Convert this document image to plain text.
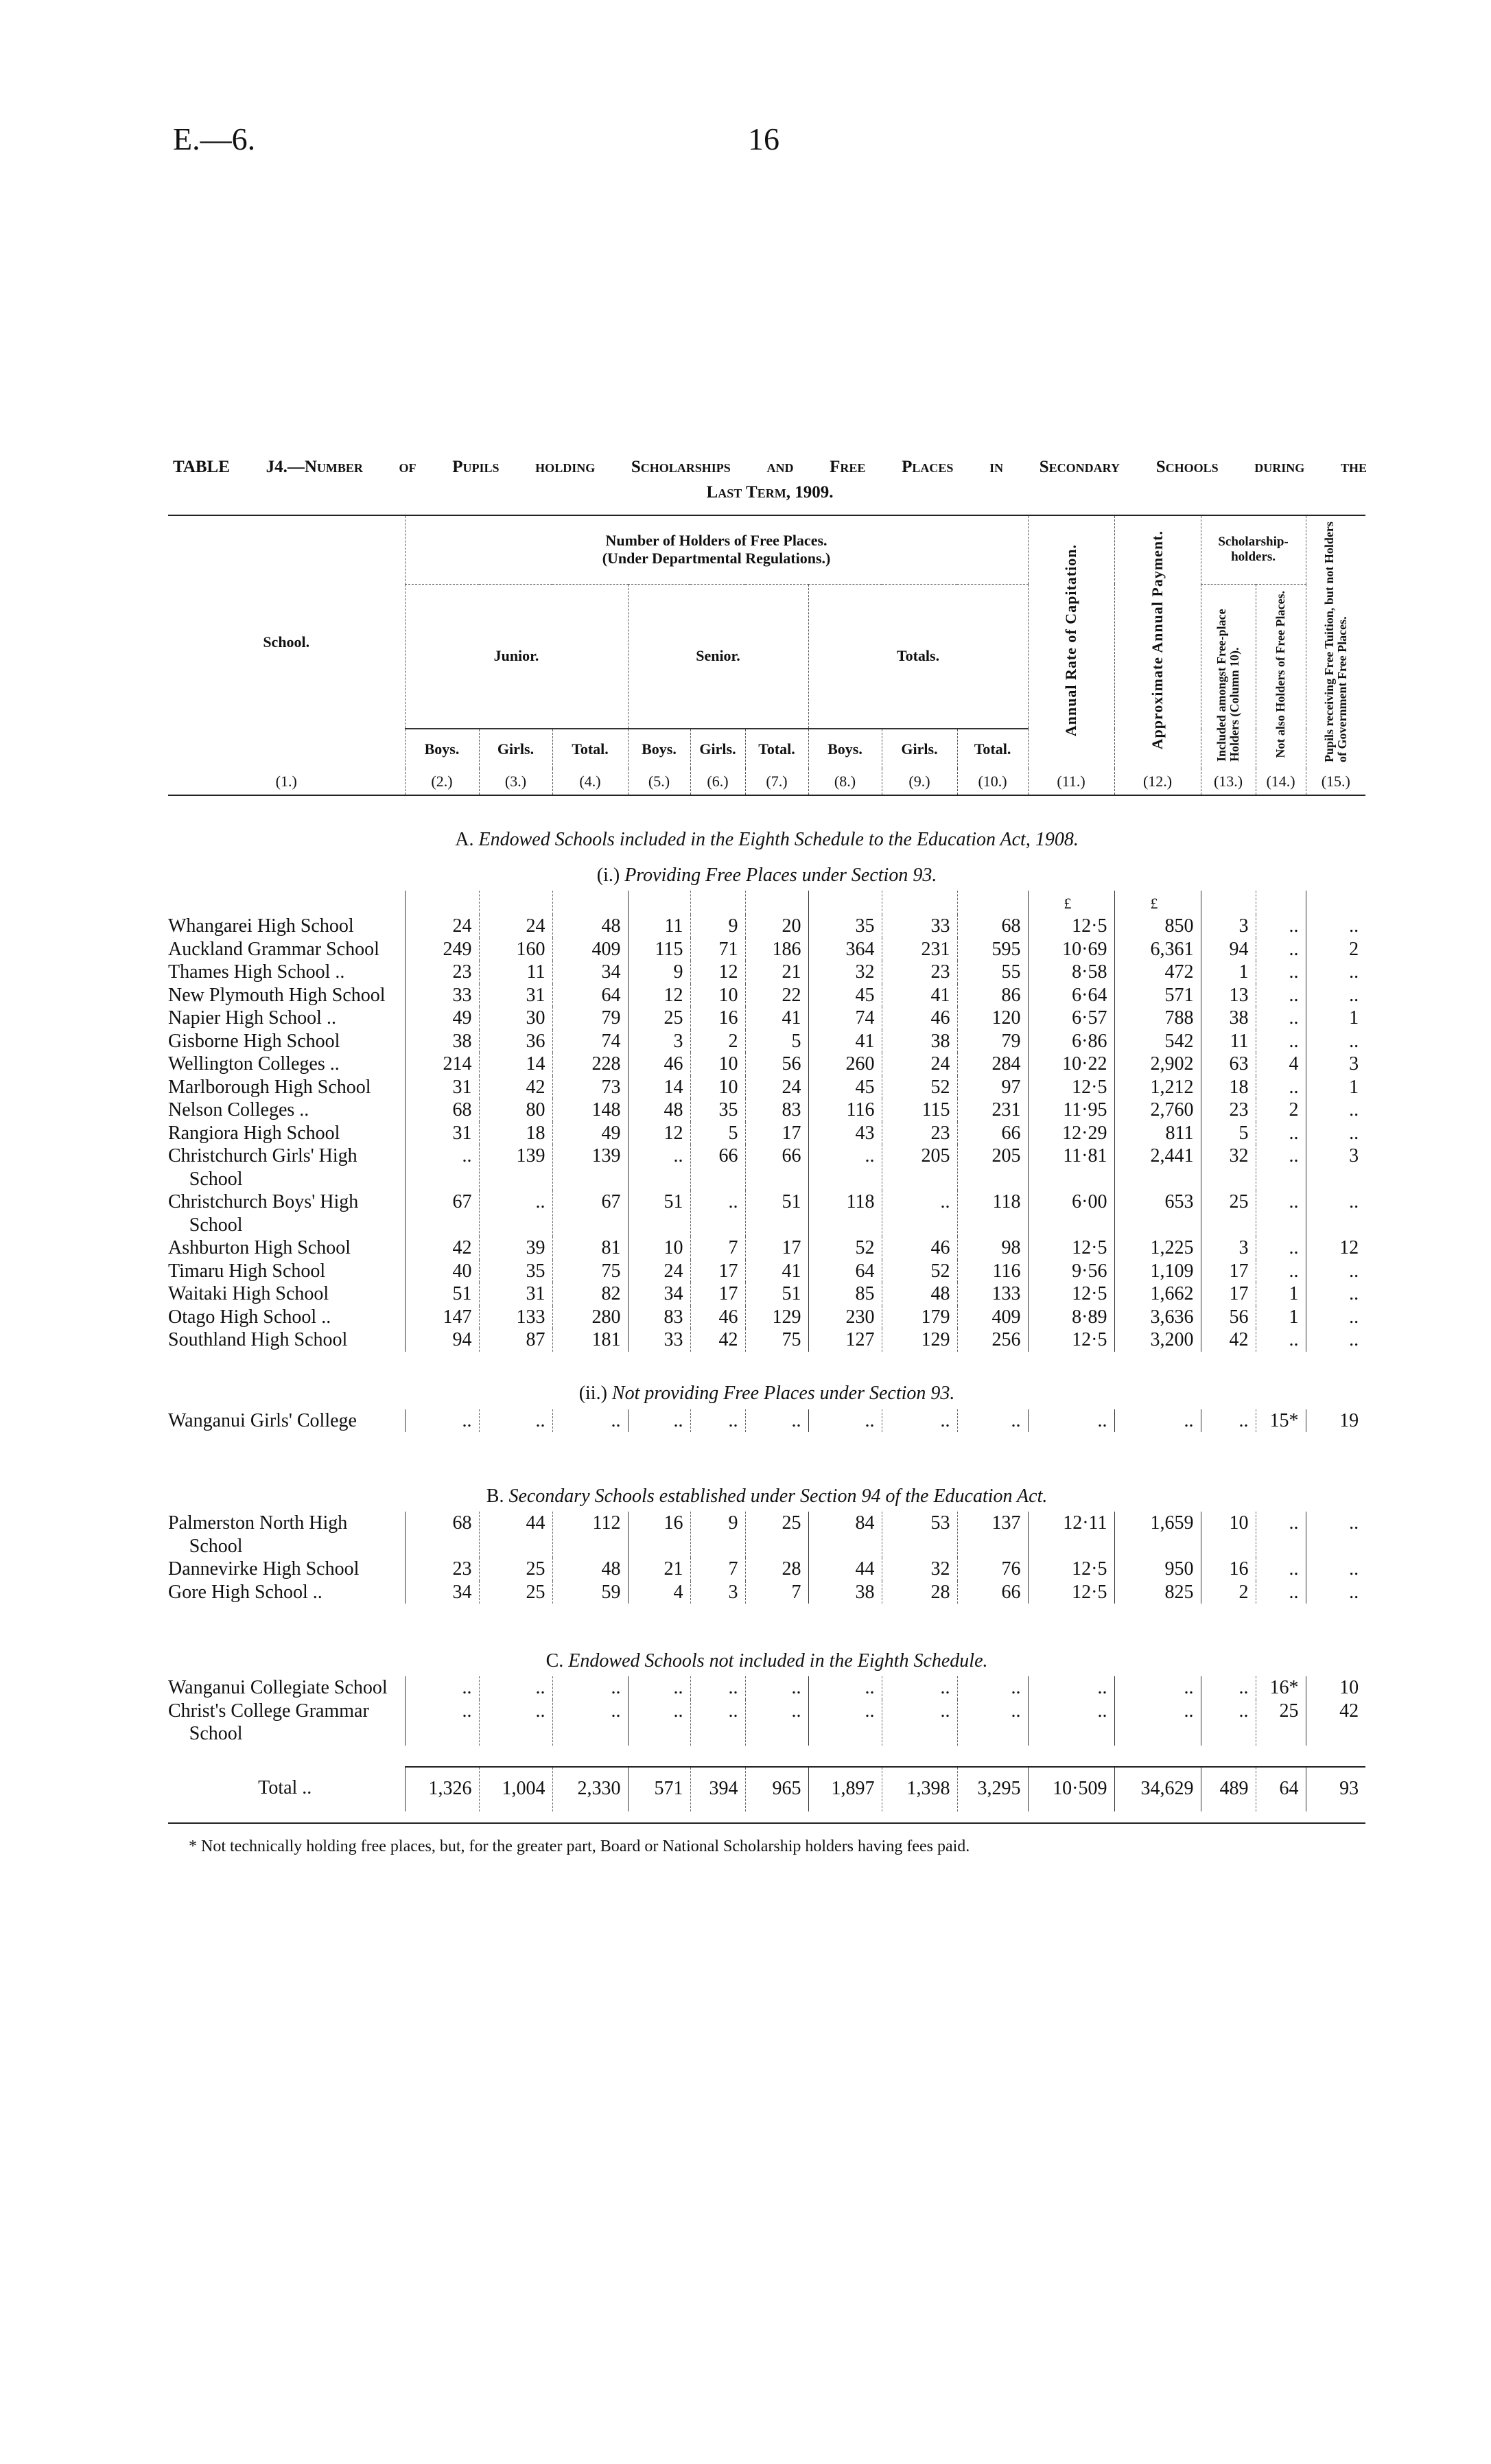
E.—6.	16
TABLE J4.—Number of Pupils holding Scholarships and Free Places in Secondary Schools during the
Last Term, 1909.
School.	Number of Holders of Free Places.
(Under Departmental Regulations.)									Annual Rate of Capitation.	Approximate Annual Payment.	Scholarship-holders.		Pupils receiving Free Tuition, but not Holders of Government Free Places.
	Junior.			Senior.			Totals.					Included amongst Free-place Holders (Column 10).	Not also Holders of Free Places.	
	Boys.	Girls.	Total.	Boys.	Girls.	Total.	Boys.	Girls.	Total.					
(1.)	(2.)	(3.)	(4.)	(5.)	(6.)	(7.)	(8.)	(9.)	(10.)	(11.)	(12.)	(13.)	(14.)	(15.)
A. Endowed Schools included in the Eighth Schedule to the Education Act, 1908.														
(i.) Providing Free Places under Section 93.														
										£	£			
Whangarei High School	24	24	48	11	9	20	35	33	68	12·5	850	3	..	..
Auckland Grammar School	249	160	409	115	71	186	364	231	595	10·69	6,361	94	..	2
Thames High School ..	23	11	34	9	12	21	32	23	55	8·58	472	1	..	..
New Plymouth High School	33	31	64	12	10	22	45	41	86	6·64	571	13	..	..
Napier High School ..	49	30	79	25	16	41	74	46	120	6·57	788	38	..	1
Gisborne High School	38	36	74	3	2	5	41	38	79	6·86	542	11	..	..
Wellington Colleges ..	214	14	228	46	10	56	260	24	284	10·22	2,902	63	4	3
Marlborough High School	31	42	73	14	10	24	45	52	97	12·5	1,212	18	..	1
Nelson Colleges ..	68	80	148	48	35	83	116	115	231	11·95	2,760	23	2	..
Rangiora High School	31	18	49	12	5	17	43	23	66	12·29	811	5	..	..
Christchurch Girls' High School	..	139	139	..	66	66	..	205	205	11·81	2,441	32	..	3
Christchurch Boys' High School	67	..	67	51	..	51	118	..	118	6·00	653	25	..	..
Ashburton High School	42	39	81	10	7	17	52	46	98	12·5	1,225	3	..	12
Timaru High School	40	35	75	24	17	41	64	52	116	9·56	1,109	17	..	..
Waitaki High School	51	31	82	34	17	51	85	48	133	12·5	1,662	17	1	..
Otago High School ..	147	133	280	83	46	129	230	179	409	8·89	3,636	56	1	..
Southland High School	94	87	181	33	42	75	127	129	256	12·5	3,200	42	..	..
(ii.) Not providing Free Places under Section 93.														
Wanganui Girls' College	..	..	..	..	..	..	..	..	..	..	..	..	15*	19
B. Secondary Schools established under Section 94 of the Education Act.														
Palmerston North High School	68	44	112	16	9	25	84	53	137	12·11	1,659	10	..	..
Dannevirke High School	23	25	48	21	7	28	44	32	76	12·5	950	16	..	..
Gore High School ..	34	25	59	4	3	7	38	28	66	12·5	825	2	..	..
C. Endowed Schools not included in the Eighth Schedule.														
Wanganui Collegiate School	..	..	..	..	..	..	..	..	..	..	..	..	16*	10
Christ's College Grammar School	..	..	..	..	..	..	..	..	..	..	..	..	25	42

Total ..	1,326	1,004	2,330	571	394	965	1,897	1,398	3,295	10·509	34,629	489	64	93
* Not technically holding free places, but, for the greater part, Board or National Scholarship holders having fees paid.
